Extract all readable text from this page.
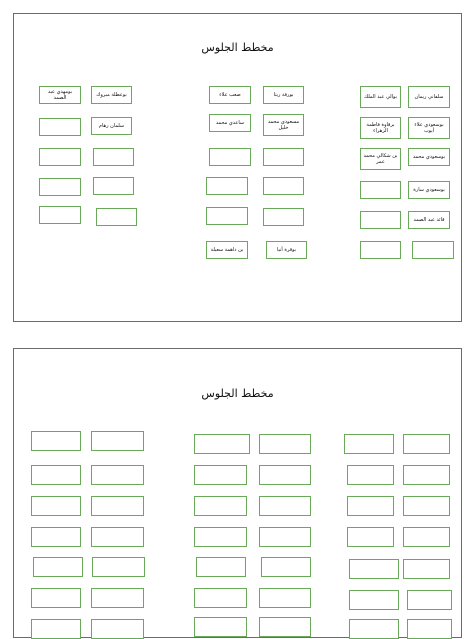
مخطط الجلوس
بوعطلة مبروك
بومهدي عبد الصمد
سلمان رهام
بورفة ريتا
صعب علاء
مسعودي محمد خليل
ساعدي محمد
بوقرة أنيا
بن داهمة سعيلة
سلفاني ريمان
بوالي عبد الملك
بوسعودي علاء أيوب
برقاوة فاطمة الزهراء
بوسعودي محمد
بن شكالي محمد عمر
بوسعودي سارة
قائد عبد الصمد
مخطط الجلوس
